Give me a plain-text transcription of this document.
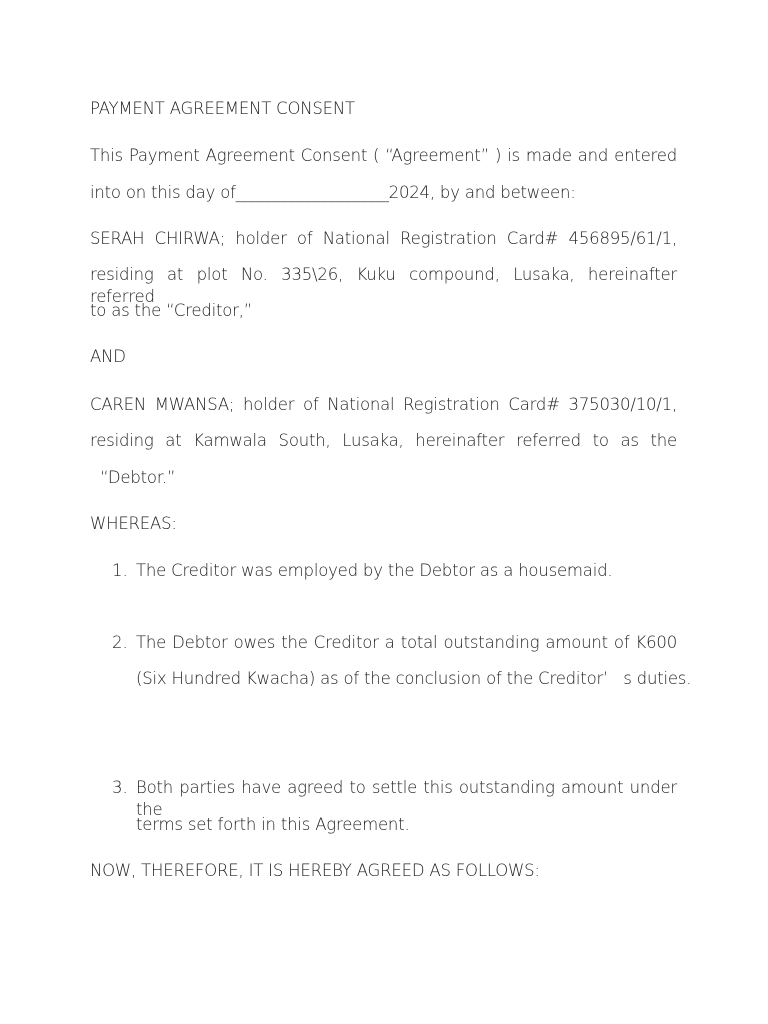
PAYMENT AGREEMENT CONSENT
This Payment Agreement Consent ( “Agreement” ) is made and entered
into on this day of___________________2024, by and between:
SERAH CHIRWA; holder of National Registration Card# 456895/61/1,
residing at plot No. 335\26, Kuku compound, Lusaka, hereinafter referred
to as the “Creditor,”
AND
CAREN MWANSA; holder of National Registration Card# 375030/10/1,
residing at Kamwala South, Lusaka, hereinafter referred to as the
“Debtor.”
WHEREAS:
1. The Creditor was employed by the Debtor as a housemaid.
2. The Debtor owes the Creditor a total outstanding amount of K600
(Six Hundred Kwacha) as of the conclusion of the Creditor’   s duties.
3. Both parties have agreed to settle this outstanding amount under the
terms set forth in this Agreement.
NOW, THEREFORE, IT IS HEREBY AGREED AS FOLLOWS:
